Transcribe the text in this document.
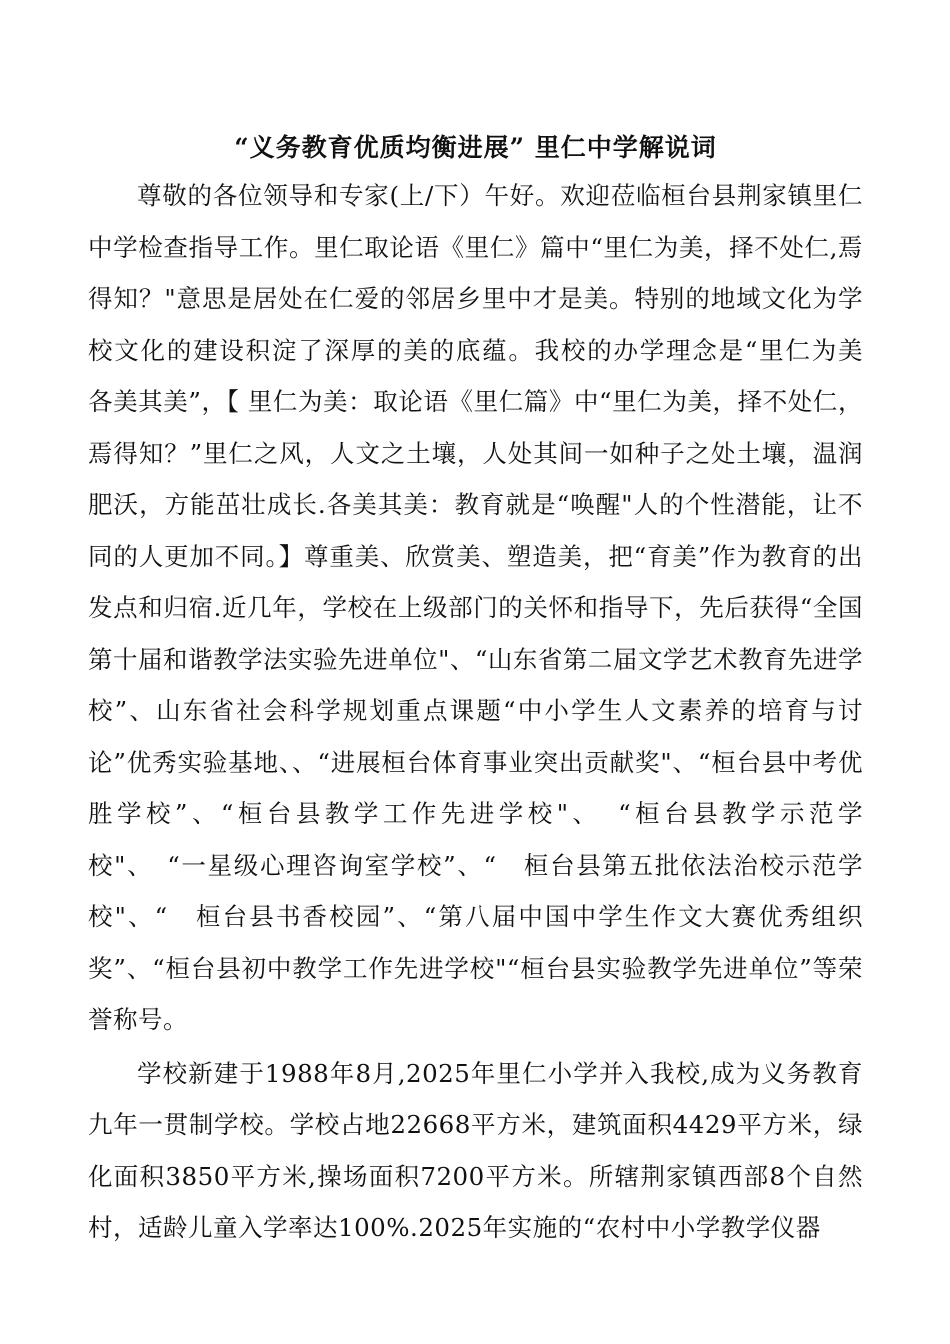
“义务教育优质均衡进展” 里仁中学解说词

尊敬的各位领导和专家(上/下）午好。欢迎莅临桓台县荆家镇里仁中学检查指导工作。里仁取论语《里仁》篇中“里仁为美，择不处仁,焉得知？"意思是居处在仁爱的邻居乡里中才是美。特别的地域文化为学校文化的建设积淀了深厚的美的底蕴。我校的办学理念是“里仁为美　各美其美”，【 里仁为美：取论语《里仁篇》中“里仁为美，择不处仁，焉得知？”里仁之风，人文之土壤，人处其间一如种子之处土壤，温润肥沃，方能茁壮成长.各美其美：教育就是“唤醒"人的个性潜能，让不同的人更加不同。】尊重美、欣赏美、塑造美，把“育美”作为教育的出发点和归宿.近几年，学校在上级部门的关怀和指导下，先后获得“全国第十届和谐教学法实验先进单位"、“山东省第二届文学艺术教育先进学校”、山东省社会科学规划重点课题“中小学生人文素养的培育与讨论”优秀实验基地、、“进展桓台体育事业突出贡献奖"、“桓台县中考优胜学校”、“桓台县教学工作先进学校"、　“桓台县教学示范学校"、　“一星级心理咨询室学校”、“　桓台县第五批依法治校示范学校"、“　桓台县书香校园”、“第八届中国中学生作文大赛优秀组织奖”、“桓台县初中教学工作先进学校"“桓台县实验教学先进单位”等荣誉称号。

学校新建于1988年8月,2025年里仁小学并入我校,成为义务教育九年一贯制学校。学校占地22668平方米，建筑面积4429平方米，绿化面积3850平方米,操场面积7200平方米。所辖荆家镇西部8个自然村，适龄儿童入学率达100%.2025年实施的“农村中小学教学仪器
